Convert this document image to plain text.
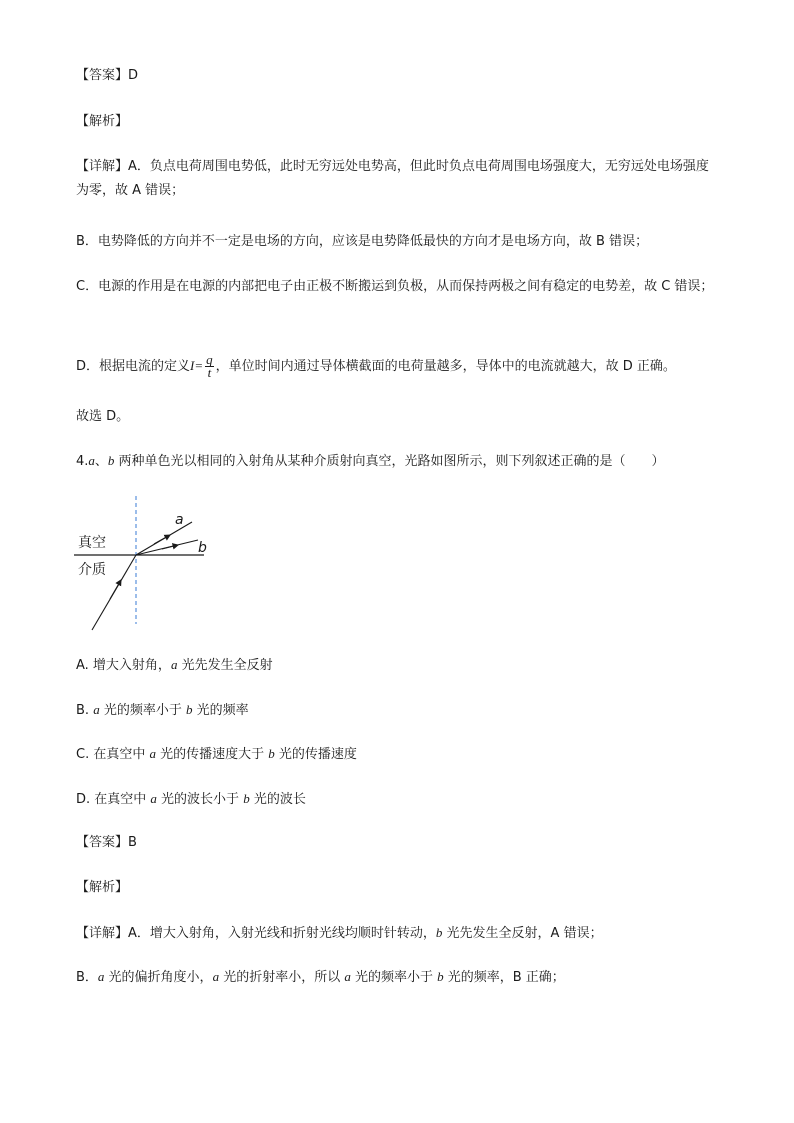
【答案】D
【解析】
【详解】A．负点电荷周围电势低，此时无穷远处电势高，但此时负点电荷周围电场强度大，无穷远处电场强度为零，故 A 错误；
B．电势降低的方向并不一定是电场的方向，应该是电势降低最快的方向才是电场方向，故 B 错误；
C．电源的作用是在电源的内部把电子由正极不断搬运到负极，从而保持两极之间有稳定的电势差，故 C 错误；
D．根据电流的定义$I= \frac{q}{t}$ ，单位时间内通过导体横截面的电荷量越多，导体中的电流就越大，故 D 正确。
故选 D。
4.a、b 两种单色光以相同的入射角从某种介质射向真空，光路如图所示，则下列叙述正确的是（　　）
真空
介质
a
b
A. 增大入射角，a 光先发生全反射
B. a 光的频率小于 b 光的频率
C. 在真空中 a 光的传播速度大于 b 光的传播速度
D. 在真空中 a 光的波长小于 b 光的波长
【答案】B
【解析】
【详解】A．增大入射角，入射光线和折射光线均顺时针转动，b 光先发生全反射，A 错误；
B．a 光的偏折角度小，a 光的折射率小，所以 a 光的频率小于 b 光的频率，B 正确；
